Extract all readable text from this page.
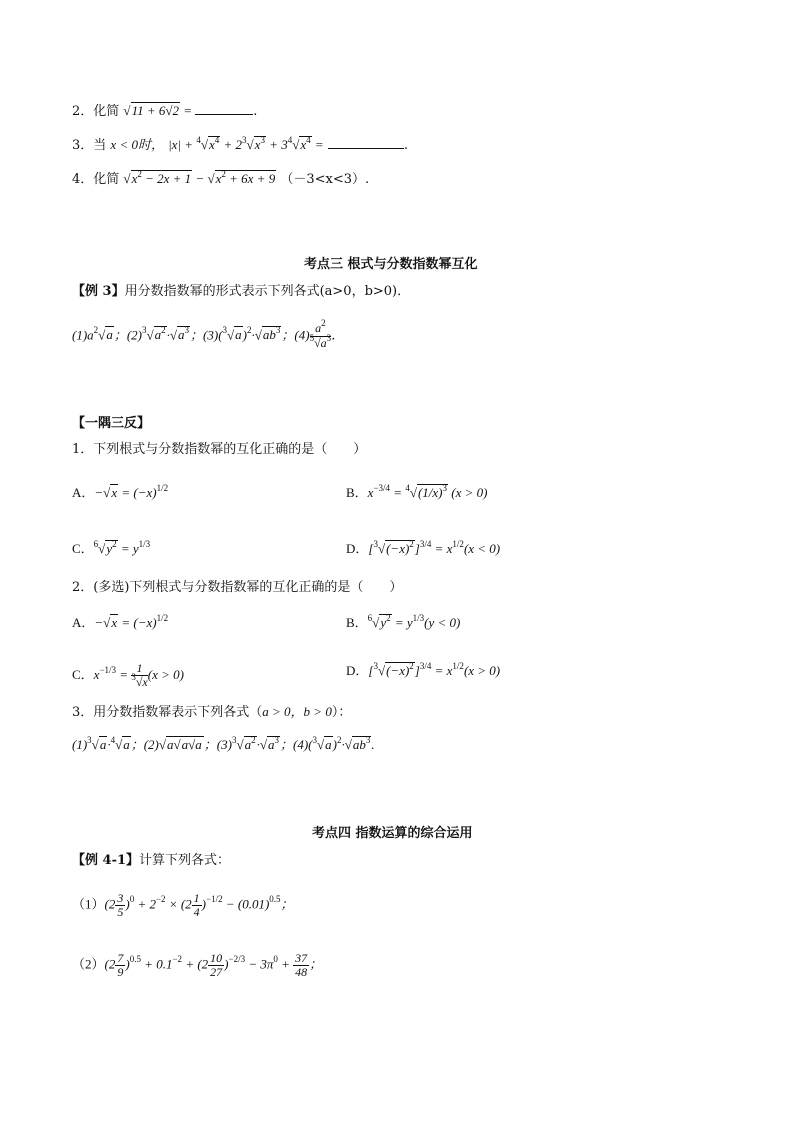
2．化简 √11 + 6√2 =	.
3．当 x < 0时， $|x| + ^4√x^4 + 2^3√x^3 + 3^4√x^4$ =	.
4．化简 $√x^2 - 2x + 1 - √x^2 + 6x + 9$ （－3<x<3）.
考点三 根式与分数指数幂互化
【例 3】用分数指数幂的形式表示下列各式(a>0，b>0)．
$(1)a^2√a$；$(2)^3√a^2\cdot√a^3$；$(3)(^3√a)^2\cdot√ab^3$；$(4) \frac{a^2}{^5√a^3}$ ．
【一隅三反】
1．下列根式与分数指数幂的互化正确的是（　　）
A．$-√x = (-x)^{1/2}$	B．$x^{-3/4} = ^4√(1/x)^3$ (x > 0)
C．$^6√y^2 = y^{1/3}$	D．$[^3√(-x)^2]^{3/4} = x^{1/2}(x < 0)$
2．(多选)下列根式与分数指数幂的互化正确的是（　　）
A．$-√x = (-x)^{1/2}$	B．$^6√y^2 = y^{1/3}(y < 0)$
C．$x^{-1/3} = \frac{1}{^3√x} (x > 0)$	D．$[^3√(-x)^2]^{3/4} = x^{1/2}(x > 0)$
3．用分数指数幂表示下列各式（a > 0，b > 0）：
$(1)^3√a\cdot^4√a$；(2)√a√a√a ；$(3)^3√a^2\cdot√a^3$；$(4)(^3√a)^2\cdot√ab^3$.
考点四 指数运算的综合运用
【例 4-1】计算下列各式：
$(1)(2 \frac{3}{5} )^0 + 2^{-2} \times (2 \frac{1}{4} )^{-1/2} - (0.01)^{0.5}$；
$(2)(2 \frac{7}{9} )^{0.5} + 0.1^{-2} + (2 \frac{10}{27} )^{-2/3} - 3\pi^0 + \frac{37}{48}$ ；
